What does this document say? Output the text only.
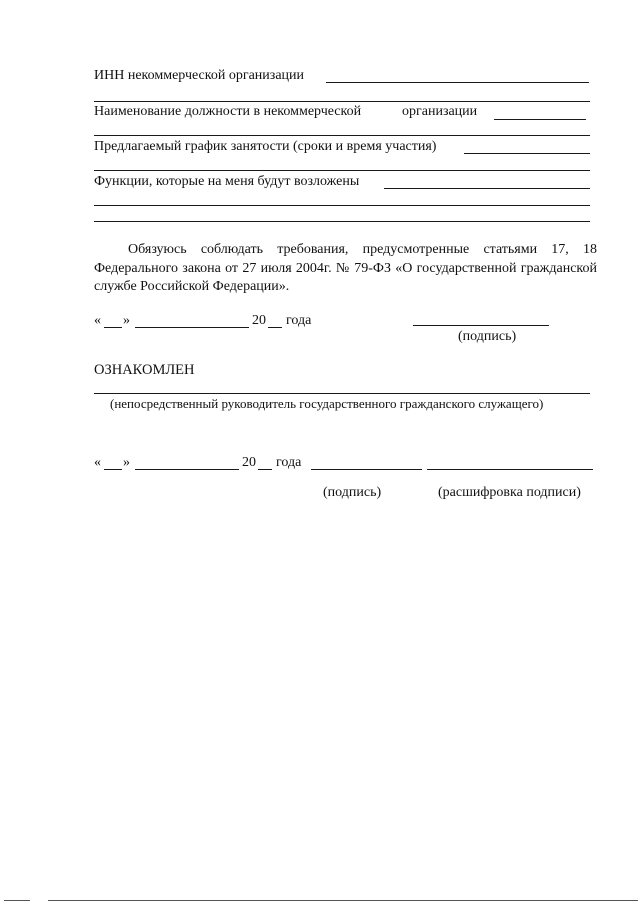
ИНН некоммерческой организации
Наименование должности в некоммерческой	организации
Предлагаемый график занятости (сроки и время участия)
Функции, которые на меня будут возложены
Обязуюсь соблюдать требования, предусмотренные статьями 17, 18 Федерального закона от 27 июля 2004г. № 79-ФЗ «О государственной гражданской службе Российской Федерации».
« »	20 года
(подпись)
ОЗНАКОМЛЕН
(непосредственный руководитель государственного гражданского служащего)
« »	20 года
(подпись)	(расшифровка подписи)
